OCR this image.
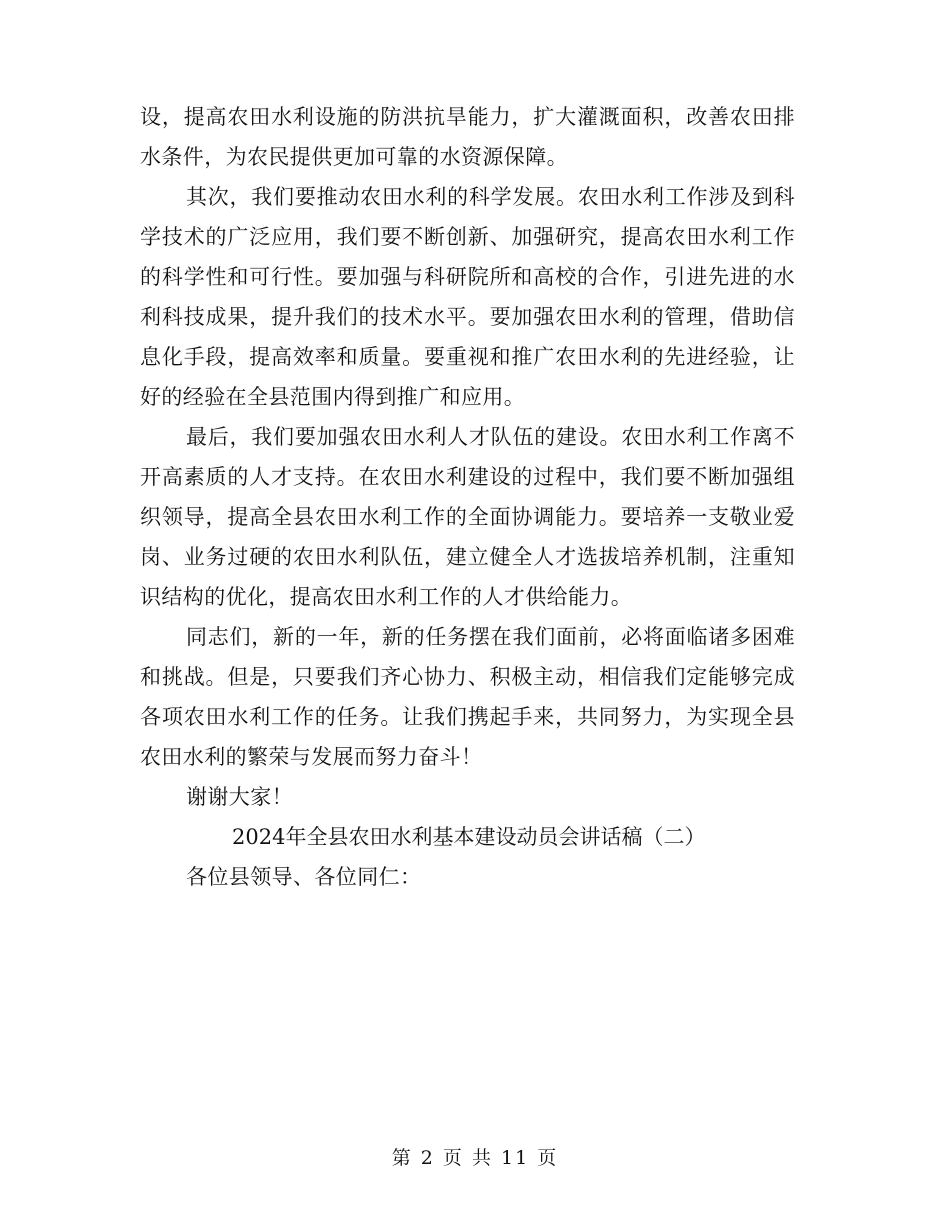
设，提高农田水利设施的防洪抗旱能力，扩大灌溉面积，改善农田排水条件，为农民提供更加可靠的水资源保障。

其次，我们要推动农田水利的科学发展。农田水利工作涉及到科学技术的广泛应用，我们要不断创新、加强研究，提高农田水利工作的科学性和可行性。要加强与科研院所和高校的合作，引进先进的水利科技成果，提升我们的技术水平。要加强农田水利的管理，借助信息化手段，提高效率和质量。要重视和推广农田水利的先进经验，让好的经验在全县范围内得到推广和应用。

最后，我们要加强农田水利人才队伍的建设。农田水利工作离不开高素质的人才支持。在农田水利建设的过程中，我们要不断加强组织领导，提高全县农田水利工作的全面协调能力。要培养一支敬业爱岗、业务过硬的农田水利队伍，建立健全人才选拔培养机制，注重知识结构的优化，提高农田水利工作的人才供给能力。

同志们，新的一年，新的任务摆在我们面前，必将面临诸多困难和挑战。但是，只要我们齐心协力、积极主动，相信我们定能够完成各项农田水利工作的任务。让我们携起手来，共同努力，为实现全县农田水利的繁荣与发展而努力奋斗！

谢谢大家！

2024年全县农田水利基本建设动员会讲话稿（二）

各位县领导、各位同仁：

第 2 页 共 11 页
